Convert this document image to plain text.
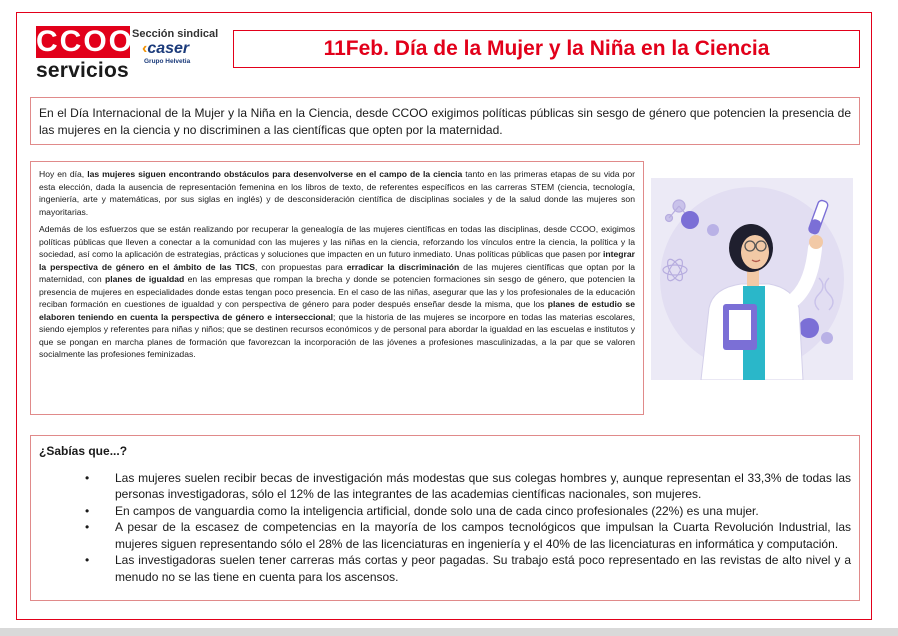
CCOO
servicios
Sección sindical
‹caser
Grupo Helvetia
11Feb. Día de la Mujer y la Niña en la Ciencia

En el Día Internacional de la Mujer y la Niña en la Ciencia, desde CCOO exigimos políticas públicas sin sesgo de género que potencien la presencia de las mujeres en la ciencia y no discriminen a las científicas que opten por la maternidad.

Hoy en día, las mujeres siguen encontrando obstáculos para desenvolverse en el campo de la ciencia tanto en las primeras etapas de su vida por esta elección, dada la ausencia de representación femenina en los libros de texto, de referentes específicos en las carreras STEM (ciencia, tecnología, ingeniería, arte y matemáticas, por sus siglas en inglés) y de desconsideración científica de disciplinas sociales y de la salud donde las mujeres son mayoritarias.

Además de los esfuerzos que se están realizando por recuperar la genealogía de las mujeres científicas en todas las disciplinas, desde CCOO, exigimos políticas públicas que lleven a conectar a la comunidad con las mujeres y las niñas en la ciencia, reforzando los vínculos entre la ciencia, la política y la sociedad, así como la aplicación de estrategias, prácticas y soluciones que impacten en un futuro inmediato. Unas políticas públicas que pasen por integrar la perspectiva de género en el ámbito de las TICS, con propuestas para erradicar la discriminación de las mujeres científicas que optan por la maternidad, con planes de igualdad en las empresas que rompan la brecha y donde se potencien formaciones sin sesgo de género, que potencien la presencia de mujeres en especialidades donde estas tengan poco presencia. En el caso de las niñas, asegurar que las y los profesionales de la educación reciban formación en cuestiones de igualdad y con perspectiva de género para poder después enseñar desde la misma, que los planes de estudio se elaboren teniendo en cuenta la perspectiva de género e interseccional; que la historia de las mujeres se incorpore en todas las materias escolares, siendo ejemplos y referentes para niñas y niños; que se destinen recursos económicos y de personal para abordar la igualdad en las escuelas e institutos y que se pongan en marcha planes de formación que favorezcan la incorporación de las jóvenes a profesiones masculinizadas, a la par que se valoren socialmente las profesiones feminizadas.

¿Sabías que...?
• Las mujeres suelen recibir becas de investigación más modestas que sus colegas hombres y, aunque representan el 33,3% de todas las personas investigadoras, sólo el 12% de las integrantes de las academias científicas nacionales, son mujeres.
• En campos de vanguardia como la inteligencia artificial, donde solo una de cada cinco profesionales (22%) es una mujer.
• A pesar de la escasez de competencias en la mayoría de los campos tecnológicos que impulsan la Cuarta Revolución Industrial, las mujeres siguen representando sólo el 28% de las licenciaturas en ingeniería y el 40% de las licenciaturas en informática y computación.
• Las investigadoras suelen tener carreras más cortas y peor pagadas. Su trabajo está poco representado en las revistas de alto nivel y a menudo no se las tiene en cuenta para los ascensos.
